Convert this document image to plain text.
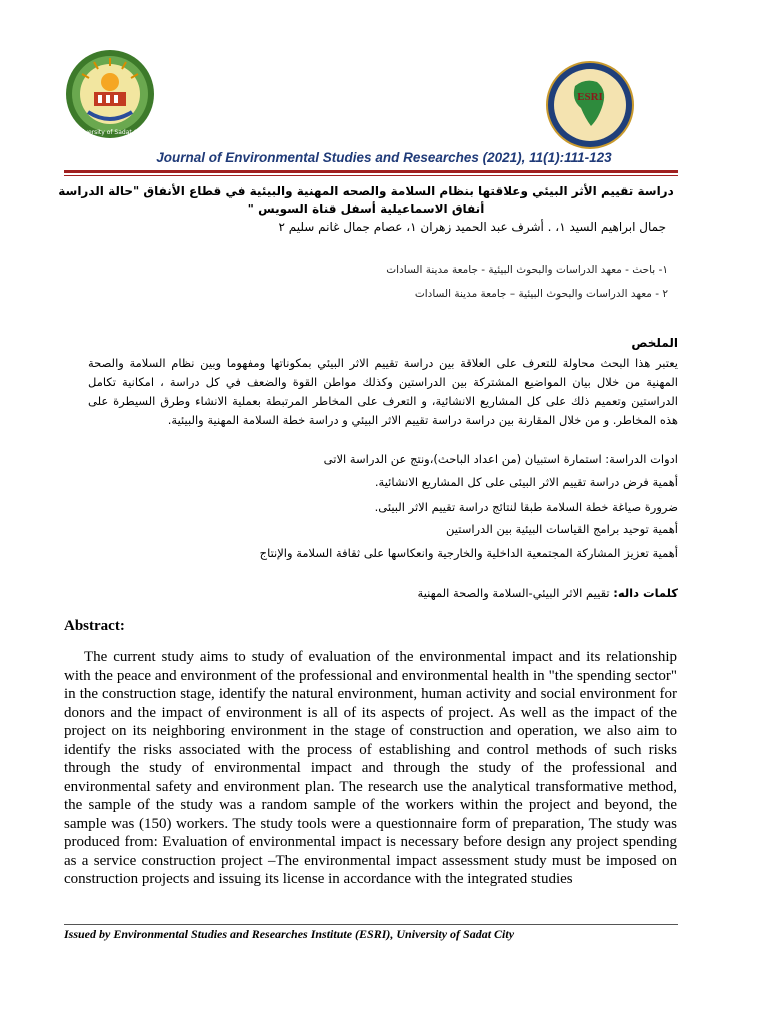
University of Sadat City
ESRI
Journal of Environmental Studies and Researches (2021), 11(1):111-123
دراسة تقييم الأثر البيئي وعلاقتها بنظام السلامة والصحه المهنية والبيئية في قطاع الأنفاق "حالة الدراسة أنفاق الاسماعيلية أسفل قناة السويس "
جمال ابراهيم السيد ١، . أشرف عبد الحميد زهران ١، عصام جمال غانم سليم ٢
١- باحث - معهد الدراسات والبحوث البيئية - جامعة مدينة السادات
٢ - معهد الدراسات والبحوث البيئية – جامعة مدينة السادات
الملخص
يعتبر هذا البحث محاولة للتعرف على العلاقة بين دراسة تقييم الاثر البيئي بمكوناتها ومفهوما وبين نظام السلامة والصحة المهنية من خلال بيان المواضيع المشتركة بين الدراستين وكذلك مواطن القوة والضعف في كل دراسة ، امكانية تكامل الدراستين وتعميم ذلك على كل المشاريع الانشائية، و التعرف على المخاطر المرتبطة بعملية الانشاء وطرق السيطرة على هذه المخاطر. و من خلال المقارنة بين دراسة دراسة تقييم الاثر البيئي و دراسة خطة السلامة المهنية والبيئية.
ادوات الدراسة: استمارة استبيان (من اعداد الباحث)،ونتج عن الدراسة الاتى
أهمية فرض دراسة تقييم الاثر البيئى على كل المشاريع الانشائية.
ضرورة صياغة خطة السلامة طبقا لنتائج دراسة تقييم الاثر البيئى.
أهمية توحيد برامج القياسات البيئية بين الدراستين
أهمية تعزيز المشاركة المجتمعية الداخلية والخارجية وانعكاسها على ثقافة السلامة والإنتاج
كلمات داله: تقييم الاثر البيئي-السلامة والصحة المهنية
Abstract:

The current study aims to study of evaluation of the environmental impact and its relationship with the peace and environment of the professional and environmental health in "the spending sector" in the construction stage, identify the natural environment, human activity and social environment for donors and the impact of environment is all of its aspects of project. As well as the impact of the project on its neighboring environment in the stage of construction and operation, we also aim to identify the risks associated with the process of establishing and control methods of such risks through the study of environmental impact and through the study of the professional and environmental safety and environment plan. The research use the analytical transformative method, the sample of the study was a random sample of the workers within the project and beyond, the sample was (150) workers. The study tools were a questionnaire form of preparation, The study was produced from: Evaluation of environmental impact is necessary before design any project spending as a service construction project –The environmental impact assessment study must be imposed on construction projects and issuing its license in accordance with the integrated studies

Issued by Environmental Studies and Researches Institute (ESRI), University of Sadat City
